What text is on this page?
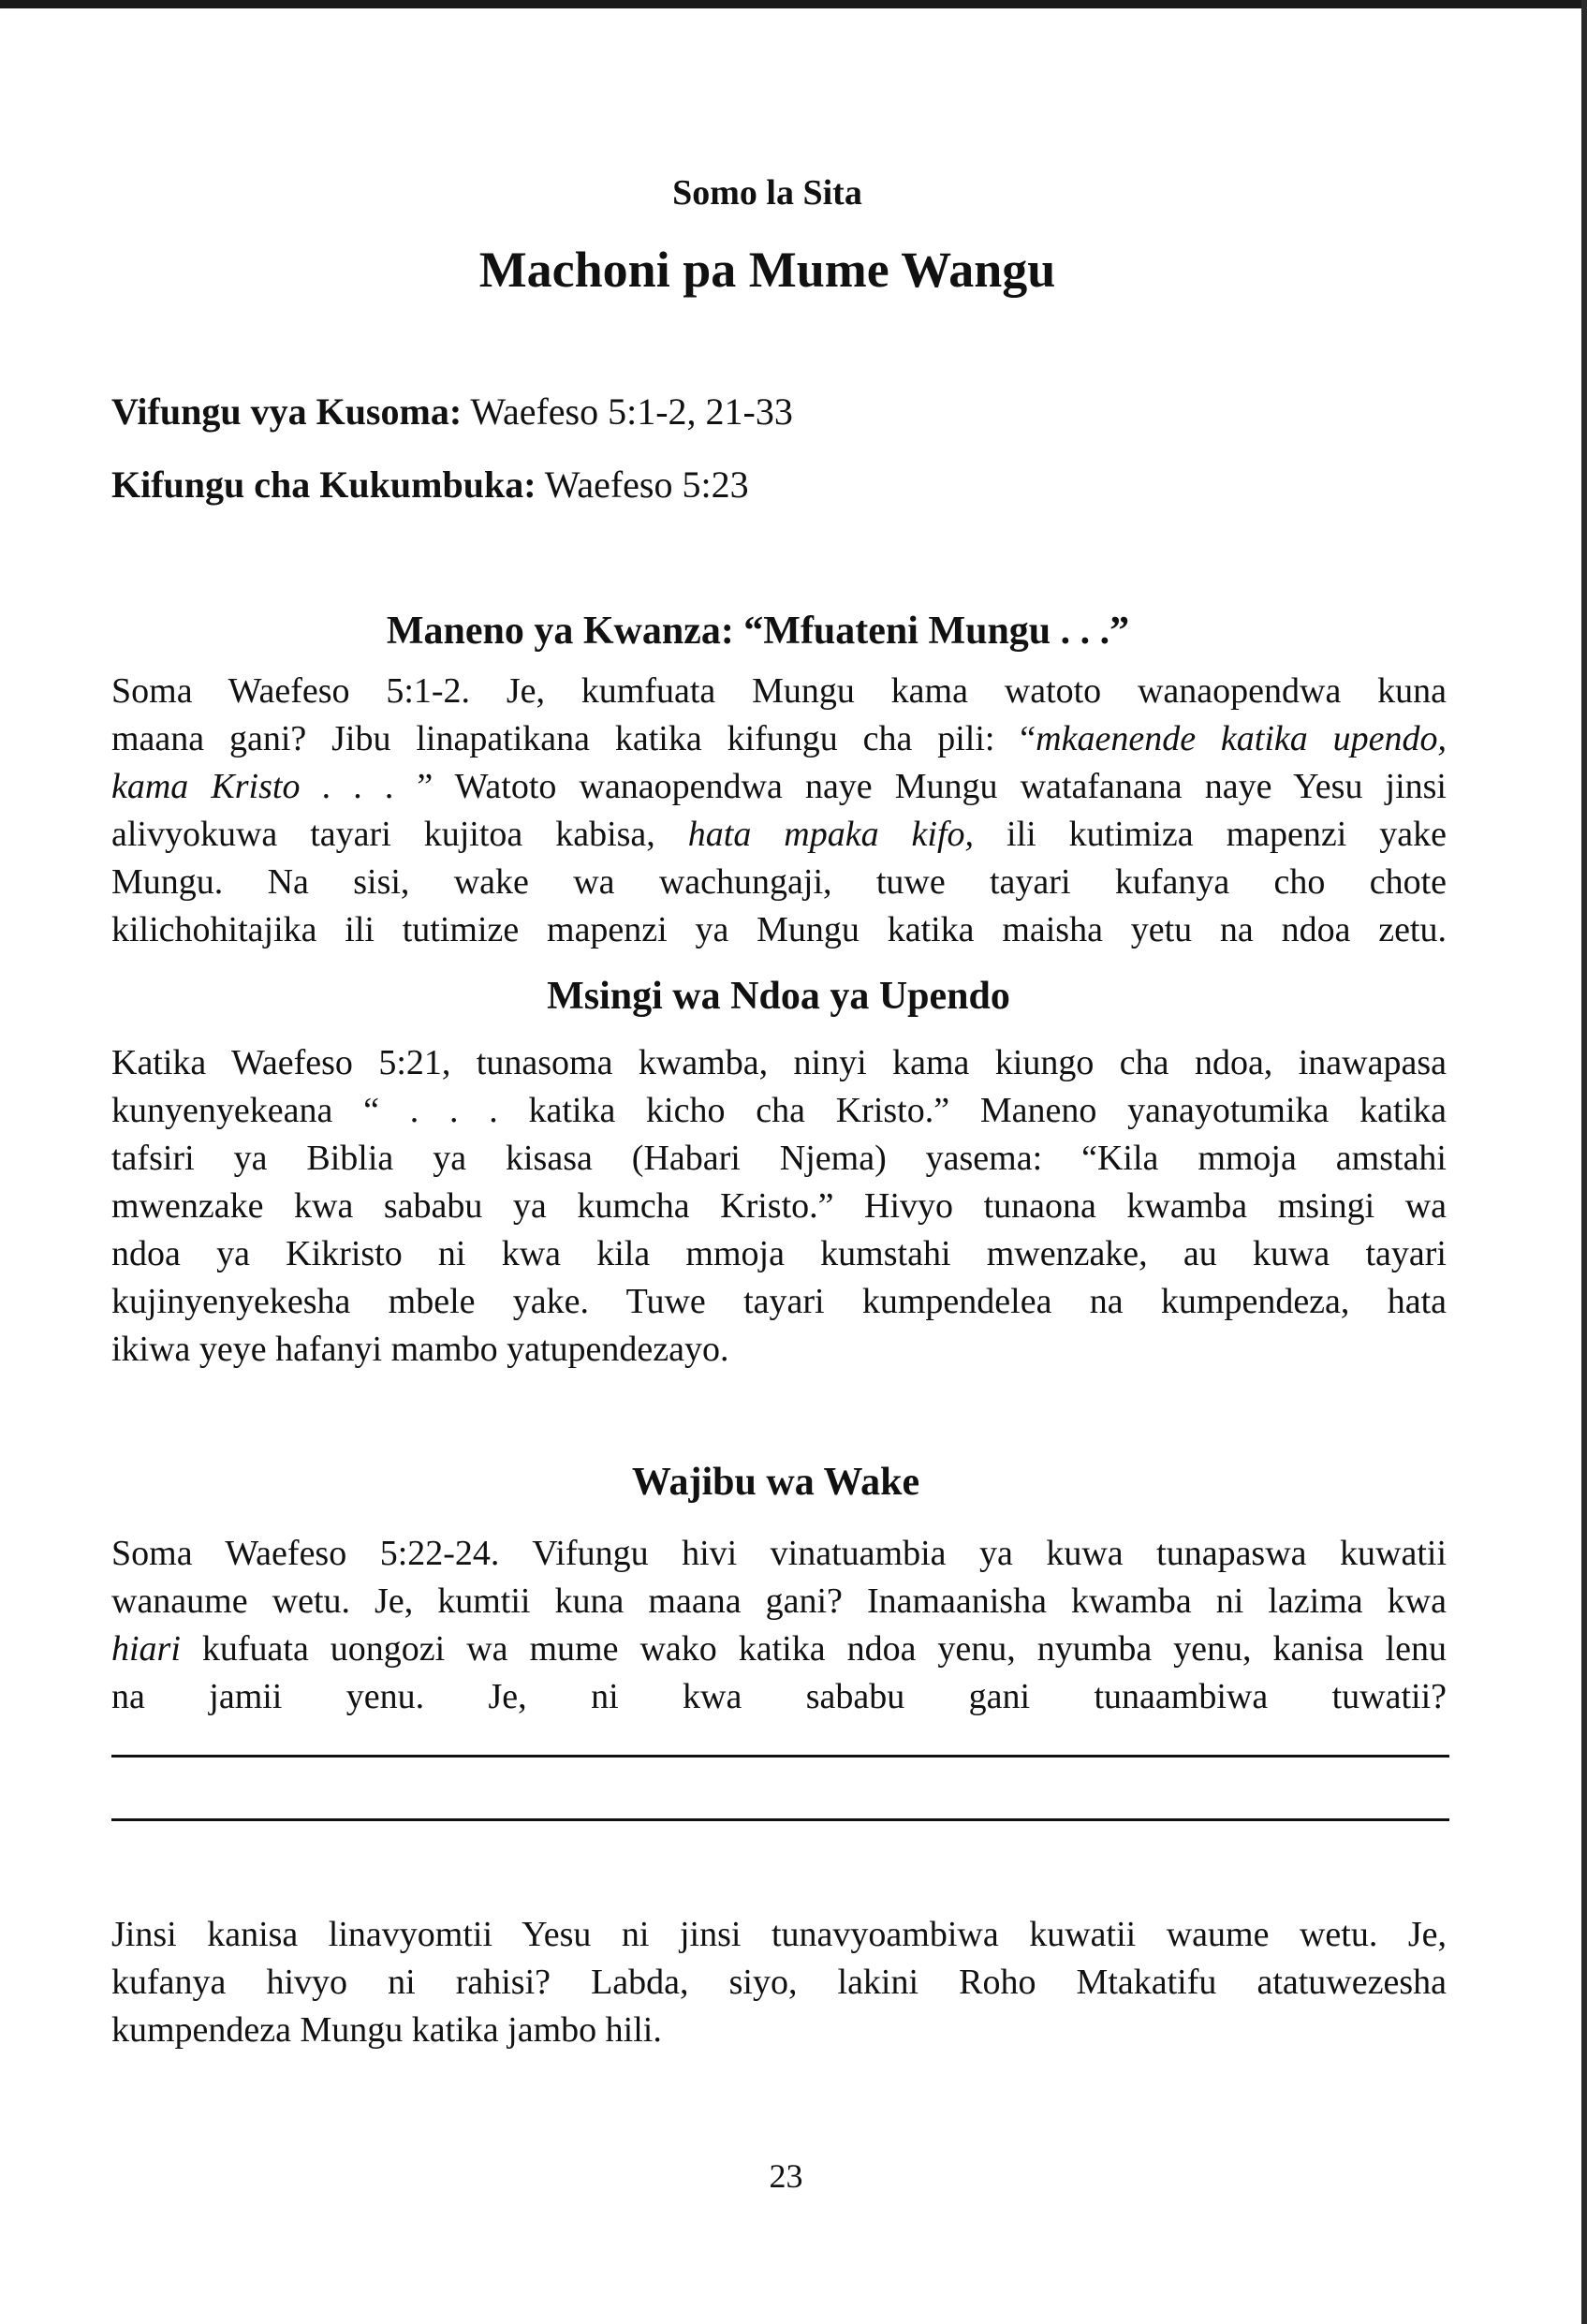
Somo la Sita
Machoni pa Mume Wangu
Vifungu vya Kusoma: Waefeso 5:1-2, 21-33
Kifungu cha Kukumbuka: Waefeso 5:23
Maneno ya Kwanza: “Mfuateni Mungu . . .”
Soma Waefeso 5:1-2. Je, kumfuata Mungu kama watoto wanaopendwa kuna
maana gani? Jibu linapatikana katika kifungu cha pili: “mkaenende katika upendo,
kama Kristo . . . ” Watoto wanaopendwa naye Mungu watafanana naye Yesu jinsi
alivyokuwa tayari kujitoa kabisa, hata mpaka kifo, ili kutimiza mapenzi yake
Mungu. Na sisi, wake wa wachungaji, tuwe tayari kufanya cho chote
kilichohitajika ili tutimize mapenzi ya Mungu katika maisha yetu na ndoa zetu.
Msingi wa Ndoa ya Upendo
Katika Waefeso 5:21, tunasoma kwamba, ninyi kama kiungo cha ndoa, inawapasa
kunyenyekeana “ . . . katika kicho cha Kristo.” Maneno yanayotumika katika
tafsiri ya Biblia ya kisasa (Habari Njema) yasema: “Kila mmoja amstahi
mwenzake kwa sababu ya kumcha Kristo.” Hivyo tunaona kwamba msingi wa
ndoa ya Kikristo ni kwa kila mmoja kumstahi mwenzake, au kuwa tayari
kujinyenyekesha mbele yake. Tuwe tayari kumpendelea na kumpendeza, hata
ikiwa yeye hafanyi mambo yatupendezayo.
Wajibu wa Wake
Soma Waefeso 5:22-24. Vifungu hivi vinatuambia ya kuwa tunapaswa kuwatii
wanaume wetu. Je, kumtii kuna maana gani? Inamaanisha kwamba ni lazima kwa
hiari kufuata uongozi wa mume wako katika ndoa yenu, nyumba yenu, kanisa lenu
na jamii yenu. Je, ni kwa sababu gani tunaambiwa tuwatii?
Jinsi kanisa linavyomtii Yesu ni jinsi tunavyoambiwa kuwatii waume wetu. Je,
kufanya hivyo ni rahisi? Labda, siyo, lakini Roho Mtakatifu atatuwezesha
kumpendeza Mungu katika jambo hili.
23
